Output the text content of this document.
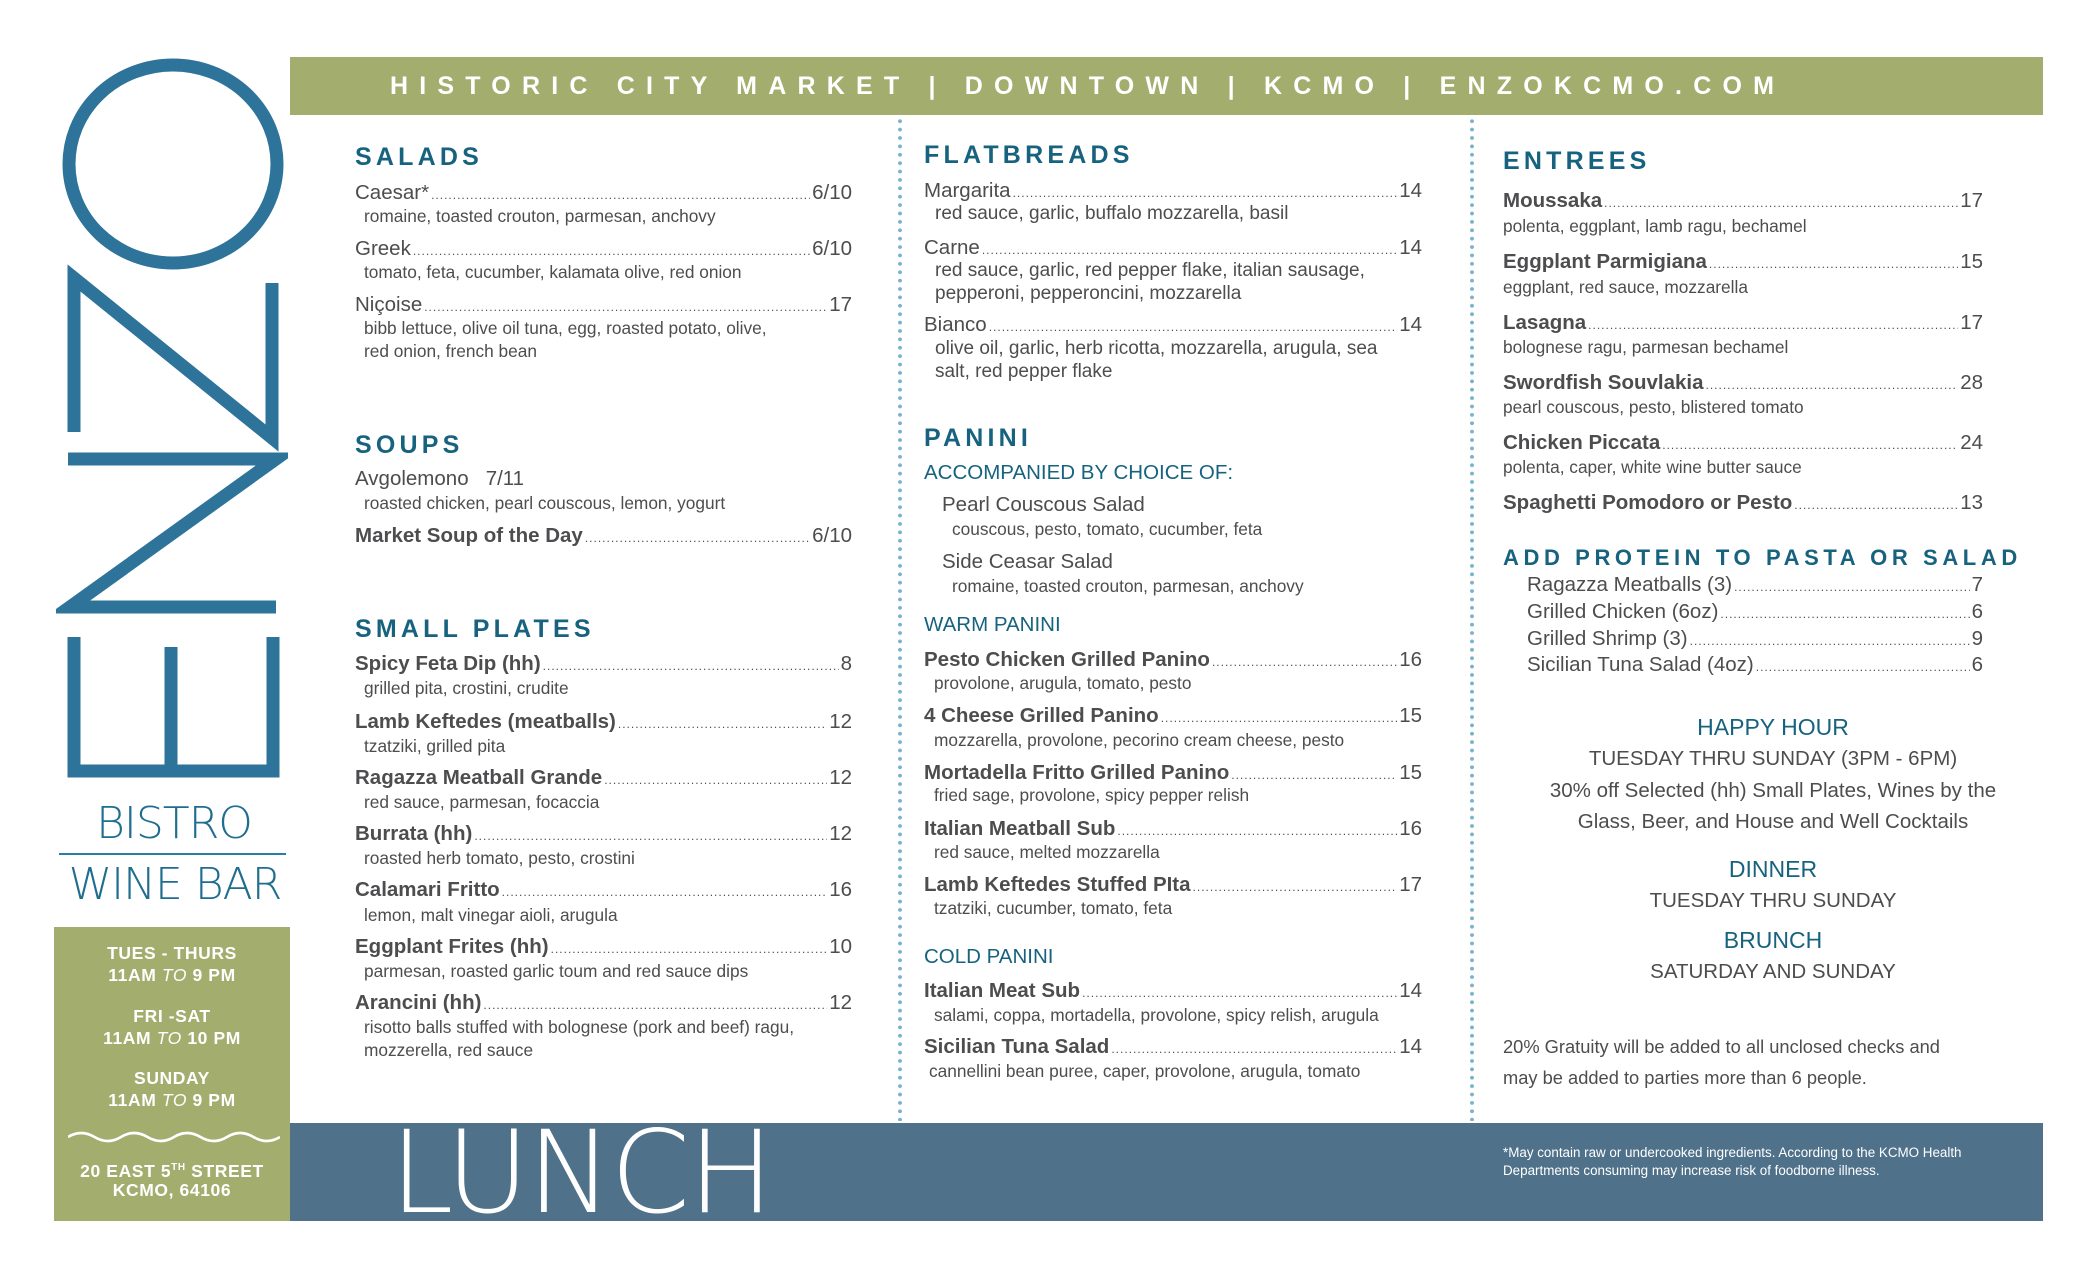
BISTRO
WINE BAR
TUES - THURS
11AM TO 9 PM
FRI -SAT
11AM TO 10 PM
SUNDAY
11AM TO 9 PM
20 EAST 5TH STREET
KCMO, 64106
HISTORIC CITY MARKET | DOWNTOWN | KCMO | ENZOKCMO.COM
SALADS
Caesar* .....	6/10
romaine, toasted crouton, parmesan, anchovy
Greek .....	6/10
tomato, feta, cucumber, kalamata olive, red onion
Niçoise .....	17
bibb lettuce, olive oil tuna, egg, roasted potato, olive,
red onion, french bean
SOUPS
Avgolemono 7/11
roasted chicken, pearl couscous, lemon, yogurt
Market Soup of the Day .....	6/10
SMALL PLATES
Spicy Feta Dip (hh) .....	8
grilled pita, crostini, crudite
Lamb Keftedes (meatballs) .....	12
tzatziki, grilled pita
Ragazza Meatball Grande .....	12
red sauce, parmesan, focaccia
Burrata (hh) .....	12
roasted herb tomato, pesto, crostini
Calamari Fritto .....	16
lemon, malt vinegar aioli, arugula
Eggplant Frites (hh) .....	10
parmesan, roasted garlic toum and red sauce dips
Arancini (hh) .....	12
risotto balls stuffed with bolognese (pork and beef) ragu,
mozzerella, red sauce
FLATBREADS
Margarita .....	14
red sauce, garlic, buffalo mozzarella, basil
Carne .....	14
red sauce, garlic, red pepper flake, italian sausage,
pepperoni, pepperoncini, mozzarella
Bianco .....	14
olive oil, garlic, herb ricotta, mozzarella, arugula, sea
salt, red pepper flake
PANINI
ACCOMPANIED BY CHOICE OF:
Pearl Couscous Salad
couscous, pesto, tomato, cucumber, feta
Side Ceasar Salad
romaine, toasted crouton, parmesan, anchovy
WARM PANINI
Pesto Chicken Grilled Panino .....	16
provolone, arugula, tomato, pesto
4 Cheese Grilled Panino .....	15
mozzarella, provolone, pecorino cream cheese, pesto
Mortadella Fritto Grilled Panino .....	15
fried sage, provolone, spicy pepper relish
Italian Meatball Sub .....	16
red sauce, melted mozzarella
Lamb Keftedes Stuffed PIta .....	17
tzatziki, cucumber, tomato, feta
COLD PANINI
Italian Meat Sub .....	14
salami, coppa, mortadella, provolone, spicy relish, arugula
Sicilian Tuna Salad .....	14
cannellini bean puree, caper, provolone, arugula, tomato
ENTREES
Moussaka .....	17
polenta, eggplant, lamb ragu, bechamel
Eggplant Parmigiana .....	15
eggplant, red sauce, mozzarella
Lasagna .....	17
bolognese ragu, parmesan bechamel
Swordfish Souvlakia .....	28
pearl couscous, pesto, blistered tomato
Chicken Piccata .....	24
polenta, caper, white wine butter sauce
Spaghetti Pomodoro or Pesto .....	13
ADD PROTEIN TO PASTA OR SALAD
Ragazza Meatballs (3) .....	7
Grilled Chicken (6oz) .....	6
Grilled Shrimp (3) .....	9
Sicilian Tuna Salad (4oz) .....	6
HAPPY HOUR
TUESDAY THRU SUNDAY (3PM - 6PM)
30% off Selected (hh) Small Plates, Wines by the
Glass, Beer, and House and Well Cocktails
DINNER
TUESDAY THRU SUNDAY
BRUNCH
SATURDAY AND SUNDAY
20% Gratuity will be added to all unclosed checks and
may be added to parties more than 6 people.
LUNCH	*May contain raw or undercooked ingredients. According to the KCMO Health
Departments consuming may increase risk of foodborne illness.
